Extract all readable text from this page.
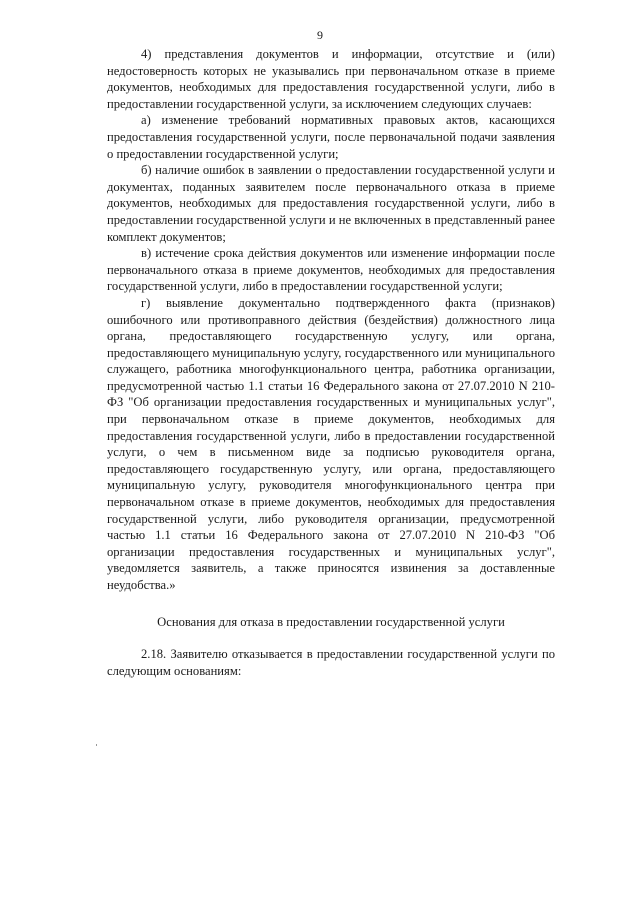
9

4) представления документов и информации, отсутствие и (или) недостоверность которых не указывались при первоначальном отказе в приеме документов, необходимых для предоставления государственной услуги, либо в предоставлении государственной услуги, за исключением следующих случаев:

а) изменение требований нормативных правовых актов, касающихся предоставления государственной услуги, после первоначальной подачи заявления о предоставлении государственной услуги;

б) наличие ошибок в заявлении о предоставлении государственной услуги и документах, поданных заявителем после первоначального отказа в приеме документов, необходимых для предоставления государственной услуги, либо в предоставлении государственной услуги и не включенных в представленный ранее комплект документов;

в) истечение срока действия документов или изменение информации после первоначального отказа в приеме документов, необходимых для предоставления государственной услуги, либо в предоставлении государственной услуги;

г) выявление документально подтвержденного факта (признаков) ошибочного или противоправного действия (бездействия) должностного лица органа, предоставляющего государственную услугу, или органа, предоставляющего муниципальную услугу, государственного или муниципального служащего, работника многофункционального центра, работника организации, предусмотренной частью 1.1 статьи 16 Федерального закона от 27.07.2010 N 210-ФЗ "Об организации предоставления государственных и муниципальных услуг", при первоначальном отказе в приеме документов, необходимых для предоставления государственной услуги, либо в предоставлении государственной услуги, о чем в письменном виде за подписью руководителя органа, предоставляющего государственную услугу, или органа, предоставляющего муниципальную услугу, руководителя многофункционального центра при первоначальном отказе в приеме документов, необходимых для предоставления государственной услуги, либо руководителя организации, предусмотренной частью 1.1 статьи 16 Федерального закона от 27.07.2010 N 210-ФЗ "Об организации предоставления государственных и муниципальных услуг", уведомляется заявитель, а также приносятся извинения за доставленные неудобства.»

Основания для отказа в предоставлении государственной услуги

2.18. Заявителю отказывается в предоставлении государственной услуги по следующим основаниям:
